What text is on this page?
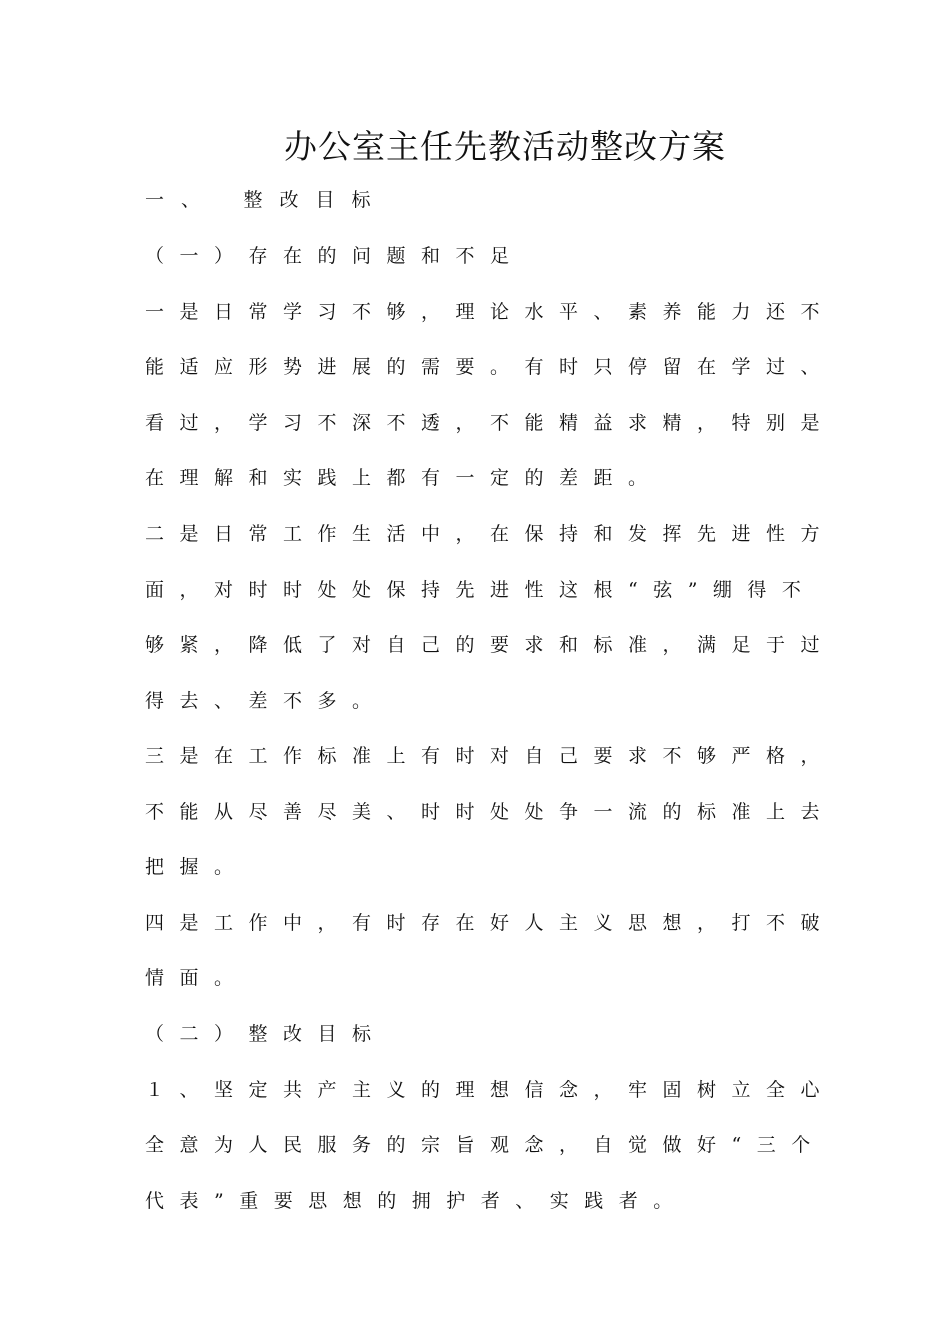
办公室主任先教活动整改方案

一、　整改目标

（一）存在的问题和不足

一是日常学习不够，理论水平、素养能力还不

能适应形势进展的需要。有时只停留在学过、

看过，学习不深不透，不能精益求精，特别是

在理解和实践上都有一定的差距。

二是日常工作生活中，在保持和发挥先进性方

面，对时时处处保持先进性这根“弦”绷得不

够紧，降低了对自己的要求和标准，满足于过

得去、差不多。

三是在工作标准上有时对自己要求不够严格，

不能从尽善尽美、时时处处争一流的标准上去

把握。

四是工作中，有时存在好人主义思想，打不破

情面。

（二）整改目标

１、坚定共产主义的理想信念，牢固树立全心

全意为人民服务的宗旨观念，自觉做好“三个

代表”重要思想的拥护者、实践者。
